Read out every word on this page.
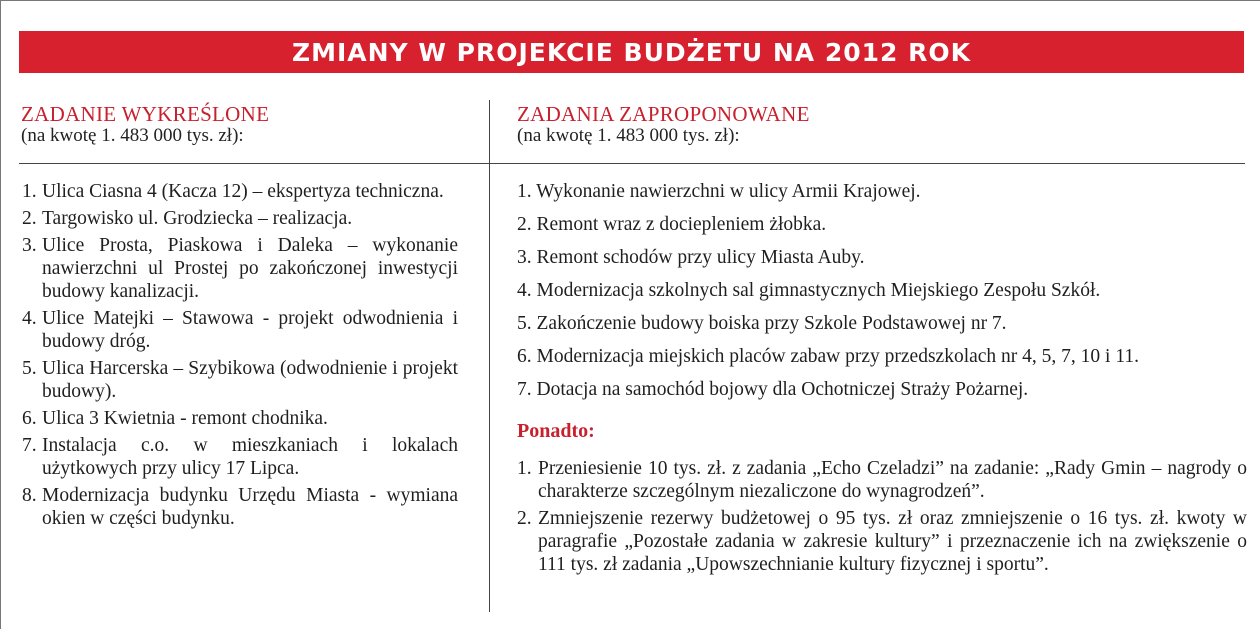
ZMIANY W PROJEKCIE BUDŻETU NA 2012 ROK
ZADANIE WYKREŚLONE
(na kwotę 1. 483 000 tys. zł):
ZADANIA ZAPROPONOWANE
(na kwotę 1. 483 000 tys. zł):
1. Ulica Ciasna 4 (Kacza 12) – ekspertyza techniczna.
2. Targowisko ul. Grodziecka – realizacja.
3. Ulice Prosta, Piaskowa i Daleka – wykonanie nawierzchni ul Prostej po zakończonej inwestycji budowy kanalizacji.
4. Ulice Matejki – Stawowa - projekt odwodnienia i budowy dróg.
5. Ulica Harcerska – Szybikowa (odwodnienie i projekt budowy).
6. Ulica 3 Kwietnia - remont chodnika.
7. Instalacja c.o. w mieszkaniach i lokalach użytkowych przy ulicy 17 Lipca.
8. Modernizacja budynku Urzędu Miasta - wymiana okien w części budynku.
1. Wykonanie nawierzchni w ulicy Armii Krajowej.
2. Remont wraz z dociepleniem żłobka.
3. Remont schodów przy ulicy Miasta Auby.
4. Modernizacja szkolnych sal gimnastycznych Miejskiego Zespołu Szkół.
5. Zakończenie budowy boiska przy Szkole Podstawowej nr 7.
6. Modernizacja miejskich placów zabaw przy przedszkolach nr 4, 5, 7, 10 i 11.
7. Dotacja na samochód bojowy dla Ochotniczej Straży Pożarnej.
Ponadto:
1. Przeniesienie 10 tys. zł. z zadania „Echo Czeladzi” na zadanie: „Rady Gmin – nagrody o charakterze szczególnym niezaliczone do wynagrodzeń”.
2. Zmniejszenie rezerwy budżetowej o 95 tys. zł oraz zmniejszenie o 16 tys. zł. kwoty w paragrafie „Pozostałe zadania w zakresie kultury” i przeznaczenie ich na zwiększenie o 111 tys. zł zadania „Upowszechnianie kultury fizycznej i sportu”.
